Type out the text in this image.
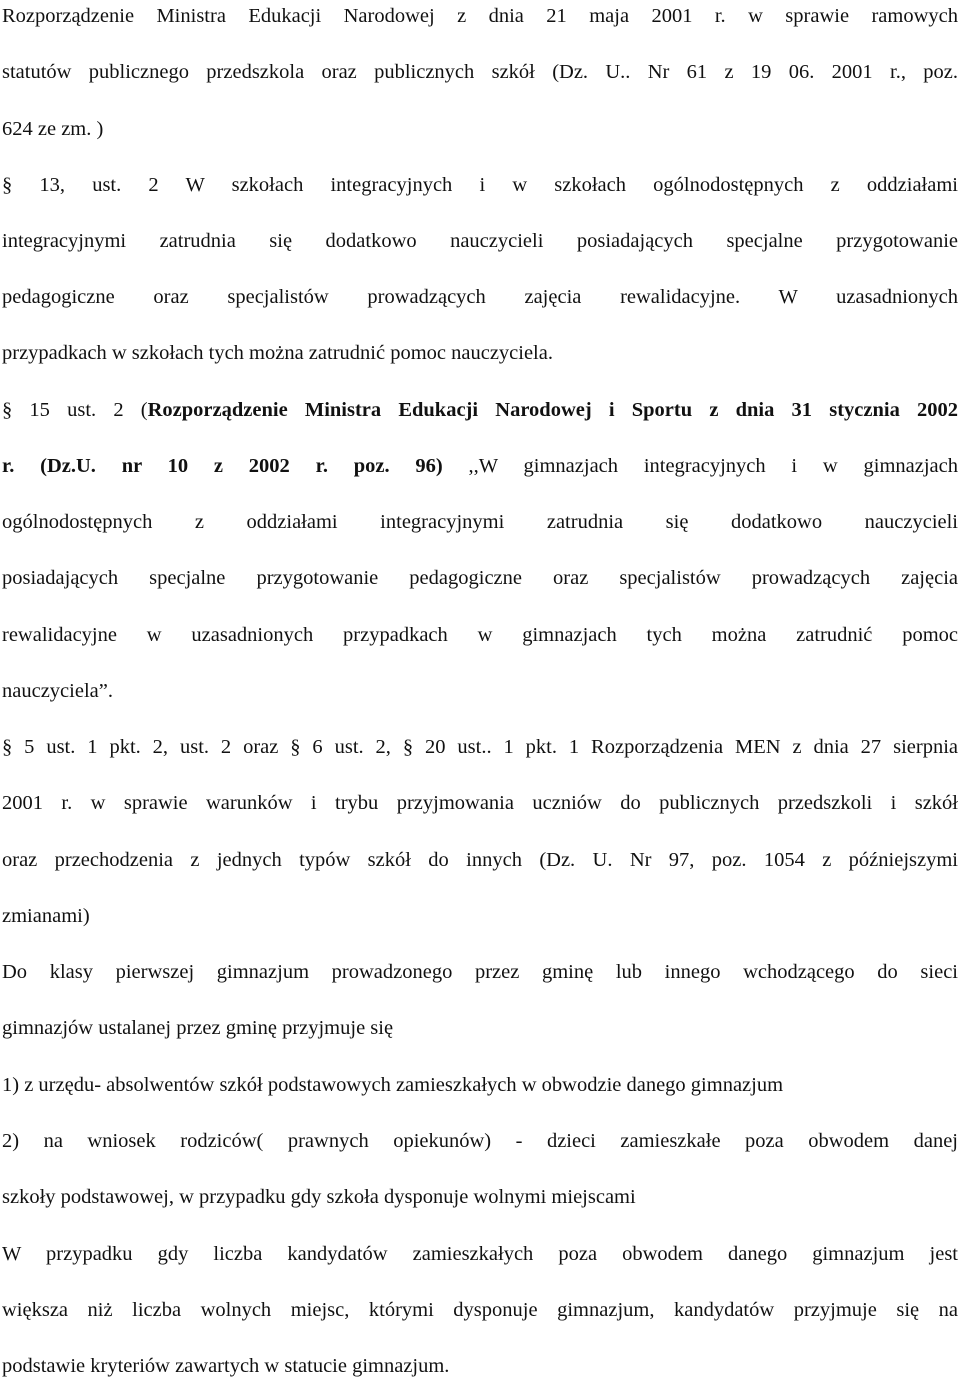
Rozporządzenie Ministra Edukacji Narodowej z dnia 21 maja 2001 r. w sprawie ramowych
statutów publicznego przedszkola oraz publicznych szkół (Dz. U.. Nr 61 z 19 06. 2001 r., poz.
624 ze zm. )
§ 13, ust. 2 W szkołach integracyjnych i w szkołach ogólnodostępnych z oddziałami
integracyjnymi zatrudnia się dodatkowo nauczycieli posiadających specjalne przygotowanie
pedagogiczne oraz specjalistów prowadzących zajęcia rewalidacyjne. W uzasadnionych
przypadkach w szkołach tych można zatrudnić pomoc nauczyciela.
§ 15 ust. 2 (Rozporządzenie Ministra Edukacji Narodowej i Sportu z dnia 31 stycznia 2002
r. (Dz.U. nr 10 z 2002 r. poz. 96) ,,W gimnazjach integracyjnych i w gimnazjach
ogólnodostępnych z oddziałami integracyjnymi zatrudnia się dodatkowo nauczycieli
posiadających specjalne przygotowanie pedagogiczne oraz specjalistów prowadzących zajęcia
rewalidacyjne w uzasadnionych przypadkach w gimnazjach tych można zatrudnić pomoc
nauczyciela”.
§ 5 ust. 1 pkt. 2, ust. 2 oraz § 6 ust. 2, § 20 ust.. 1 pkt. 1 Rozporządzenia MEN z dnia 27 sierpnia
2001 r. w sprawie warunków i trybu przyjmowania uczniów do publicznych przedszkoli i szkół
oraz przechodzenia z jednych typów szkół do innych (Dz. U. Nr 97, poz. 1054 z późniejszymi
zmianami)
Do klasy pierwszej gimnazjum prowadzonego przez gminę lub innego wchodzącego do sieci
gimnazjów ustalanej przez gminę przyjmuje się
1) z urzędu- absolwentów szkół podstawowych zamieszkałych w obwodzie danego gimnazjum
2) na wniosek rodziców( prawnych opiekunów) - dzieci zamieszkałe poza obwodem danej
szkoły podstawowej, w przypadku gdy szkoła dysponuje wolnymi miejscami
W przypadku gdy liczba kandydatów zamieszkałych poza obwodem danego gimnazjum jest
większa niż liczba wolnych miejsc, którymi dysponuje gimnazjum, kandydatów przyjmuje się na
podstawie kryteriów zawartych w statucie gimnazjum.
